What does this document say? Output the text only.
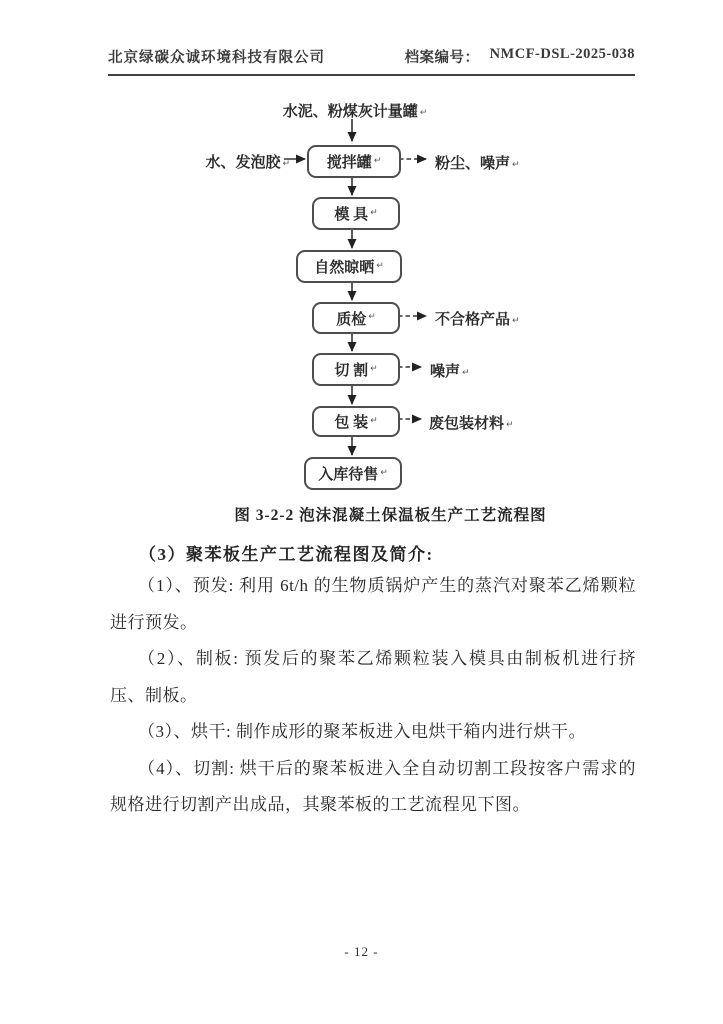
北京绿碳众诚环境科技有限公司	档案编号： NMCF-DSL-2025-038
水泥、粉煤灰计量罐 ↵
水、发泡胶 ↵ 搅拌罐 ↵
模 具 ↵
自然晾晒 ↵
质检 ↵
切 割 ↵
包 装 ↵
入库待售 ↵
粉尘、噪声 ↵
不合格产品 ↵
噪声 ↵
废包装材料 ↵
图 3-2-2 泡沫混凝土保温板生产工艺流程图
（3）聚苯板生产工艺流程图及简介:

（1）、预发: 利用 6t/h 的生物质锅炉产生的蒸汽对聚苯乙烯颗粒进行预发。

（2）、制板: 预发后的聚苯乙烯颗粒装入模具由制板机进行挤压、制板。

（3）、烘干: 制作成形的聚苯板进入电烘干箱内进行烘干。

（4）、切割: 烘干后的聚苯板进入全自动切割工段按客户需求的规格进行切割产出成品，其聚苯板的工艺流程见下图。

- 12 -
